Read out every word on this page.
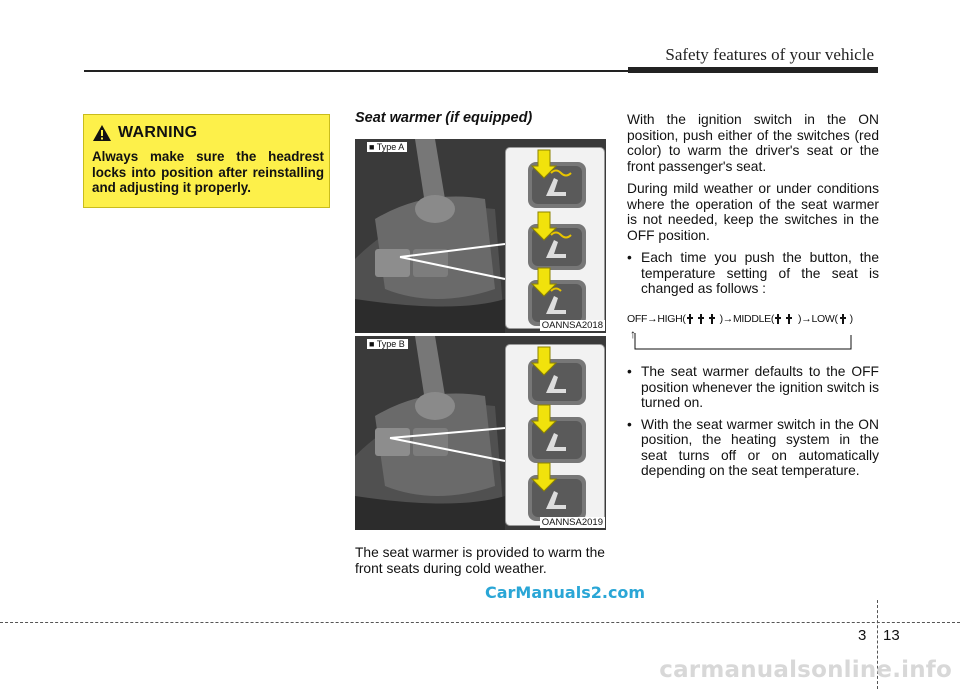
Safety features of your vehicle
WARNING
Always make sure the headrest locks into position after reinstalling and adjusting it properly.
Seat warmer (if equipped)
■ Type A
OANNSA2018
■ Type B
OANNSA2019
The seat warmer is provided to warm the front seats during cold weather.

With the ignition switch in the ON position, push either of the switches (red color) to warm the driver's seat or the front passenger's seat.

During mild weather or under conditions where the operation of the seat warmer is not needed, keep the switches in the OFF position.

• Each time you push the button, the temperature setting of the seat is changed as follows :
OFF → HIGH(	) → MIDDLE( ) → LOW( )
↑
• The seat warmer defaults to the OFF position whenever the ignition switch is turned on.
• With the seat warmer switch in the ON position, the heating system in the seat turns off or on automatically depending on the seat temperature.
CarManuals2.com
3 13
carmanualsonline.info
